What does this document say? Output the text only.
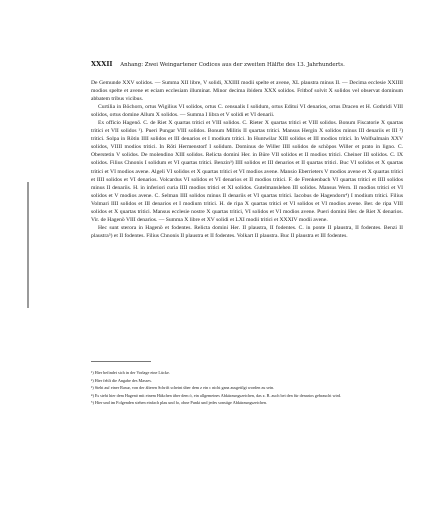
XXXII Anhang: Zwei Weingartener Codices aus der zweiten Hälfte des 13. Jahrhunderts.

De Gemunde XXV solidos. — Summa XII libre, V solidi, XXIIII modii spelte et avene, XL plaustra minus II. — Decima ecclesie XXIIII modios spelte et avene et eciam ecclesiam illuminat. Minor decima ibidem XXX solidos. Fritbof solvit X solidos vel observat dominum abbatem tribus vicibus.

Curtilia in Böchorn, ortus Wigilius VI solidos, ortus C. censualis I solidum, ortus Editui VI denarios, ortus Dracen et H. Gothridi VIII solidos, ortus domine Allum X solidos. — Summa I libra et V solidi et VI denarii.

Ex officio Hagenö. C. de Riet X quartas tritici et VIII solidos. C. Rieter X quartas tritici et VIII solidos. Bonum Fiscatorie X quartas tritici et VII solidos ¹). Pueri Pungar VIII solidos. Bonum Militis II quartas tritici. Mansus Hergin X solidos minus III denariis et III ²) tritici. Solpa in Rötin IIII solidos et III denarios et I modium tritici. In Huntwilar XIII solidos et III modios tritici. In Wolfsalmain XXV solidos, VIIII modios tritici. In Röti Hermenstorf I solidum. Dominus de Willer IIII solidos de schöpos Willer et prato in ligno. C. Oberstetin V solidos. De molendino XIII solidos. Relicta domini Her. in Büre VII solidos et II modios tritici. Cheiner III solidos. C. IX solidos. Filius Chnonis I solidum et VI quartas tritici. Benzin³) IIII solidos et III denarios et II quartas tritici. Buc VI solidos et X quartas tritici et VI modios avene. Algeli VI solidos et X quartas tritici et VI modios avene. Mansio Eberrieters V modios avene et X quartas tritici et IIII solidos et VI denarios. Volcardus VI solidos et VI denarios et II modios tritici. F. de Frenkenbach VI quartas tritici et IIII solidos minus II denariis. H. in inferiori curia IIII modios tritici et XI solidos. Gutelmanslehen III solidos. Mansus Wern. II modios tritici et VI solidos et V modios avene. C. Selman IIII solidos minus II denariis et VI quartas tritici. Iacobus de Hagendorn⁴) I modium tritici. Filius Volmari IIII solidos et III denarios et I modium tritici. H. de ripa X quartas tritici et VI solidos et VI modios avene. Ber. de ripa VIII solidos et X quartas tritici. Mansus ecclesie nostre X quartas tritici, VI solidos et VI modios avene. Pueri domini Her. de Riet X denarios. Vir. de Hagenö VIII denarios. — Summa X libre et XV solidi et LXI modii tritici et XXXIV modii avene.

Hec sunt sterora in Hagenö et fodentes. Relicta domini Her. II plaustra, II fodentes. C. in ponte II plaustra, II fodentes. Benzi II plaustra⁵) et II fodentes. Filius Chnonis II plaustra et II fodentes. Volkart II plaustra. Buc II plaustra et III fodentes.

¹) Hier befindet sich in der Vorlage eine Lücke.
²) Hier fehlt die Angabe des Masses.
³) Steht auf einer Rasur, von der älteren Schrift scheint über dem z ein c nicht ganz ausgetilgt worden zu sein.
⁴) Es steht hier dem Hagenö mit einem Häkchen über dem ö, ein allgemeines Abkürzungszeichen, das z. B. auch bei den für denarios gebraucht wird.
⁵) Hier und im Folgenden stehen einfach plau und fo, ohne Punkt und jedes sonstige Abkürzungszeichen.
